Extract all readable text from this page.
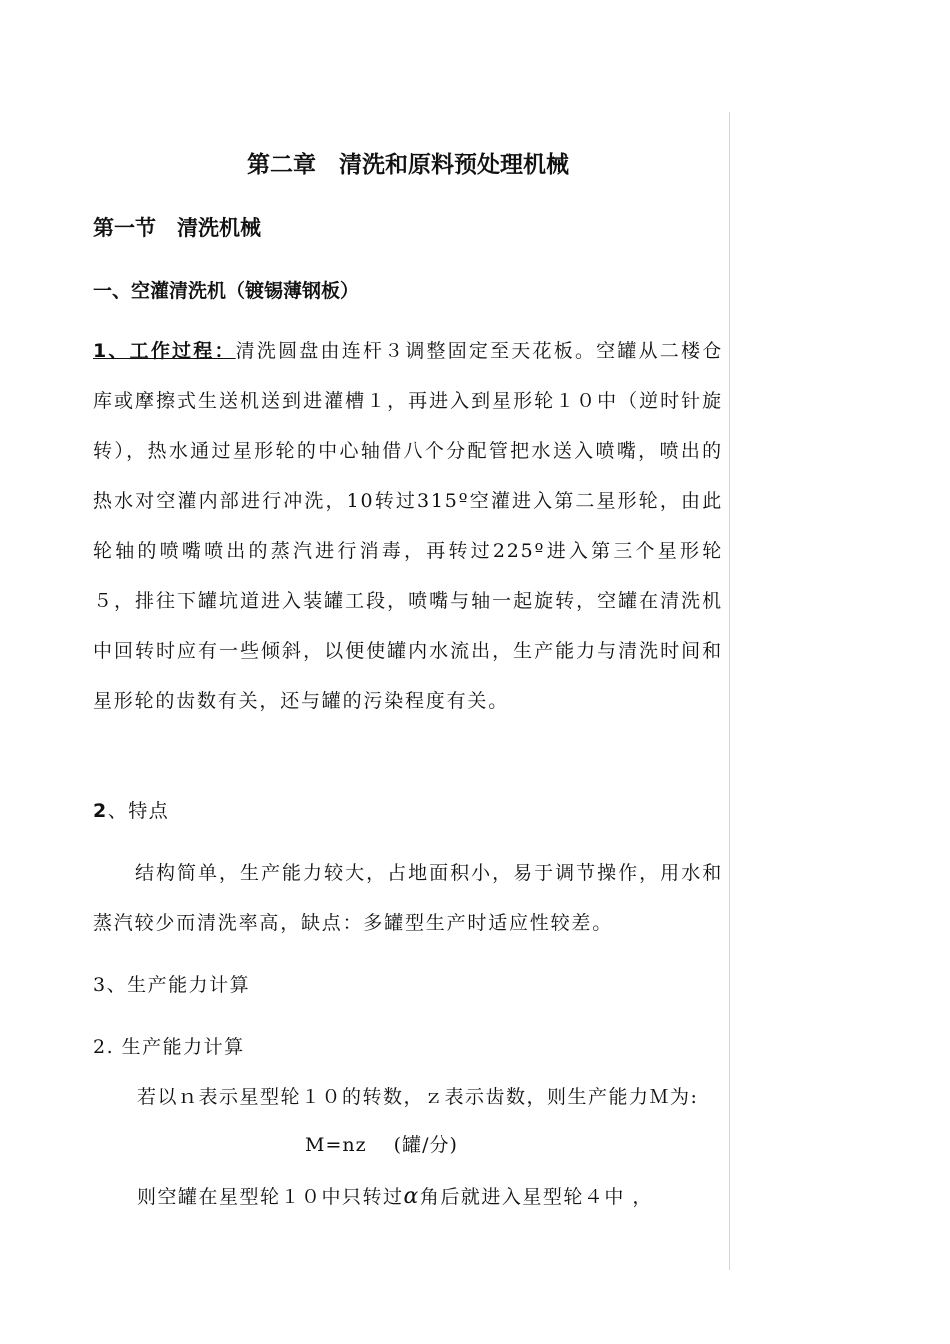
第二章　清洗和原料预处理机械
第一节　清洗机械
一、空灌清洗机（镀锡薄钢板）
1、工作过程：清洗圆盘由连杆３调整固定至天花板。空罐从二楼仓库或摩擦式生送机送到进灌槽１，再进入到星形轮１０中（逆时针旋转），热水通过星形轮的中心轴借八个分配管把水送入喷嘴，喷出的热水对空灌内部进行冲洗，10转过315º空灌进入第二星形轮，由此轮轴的喷嘴喷出的蒸汽进行消毒，再转过225º进入第三个星形轮５，排往下罐坑道进入装罐工段，喷嘴与轴一起旋转，空罐在清洗机中回转时应有一些倾斜，以便使罐内水流出，生产能力与清洗时间和星形轮的齿数有关，还与罐的污染程度有关。
2、特点
结构简单，生产能力较大，占地面积小，易于调节操作，用水和蒸汽较少而清洗率高，缺点：多罐型生产时适应性较差。
3、生产能力计算
2. 生产能力计算
若以ｎ表示星型轮１０的转数，ｚ表示齿数，则生产能力Ｍ为:
M=nz　 (罐/分)
则空罐在星型轮１０中只转过α角后就进入星型轮４中 ，
